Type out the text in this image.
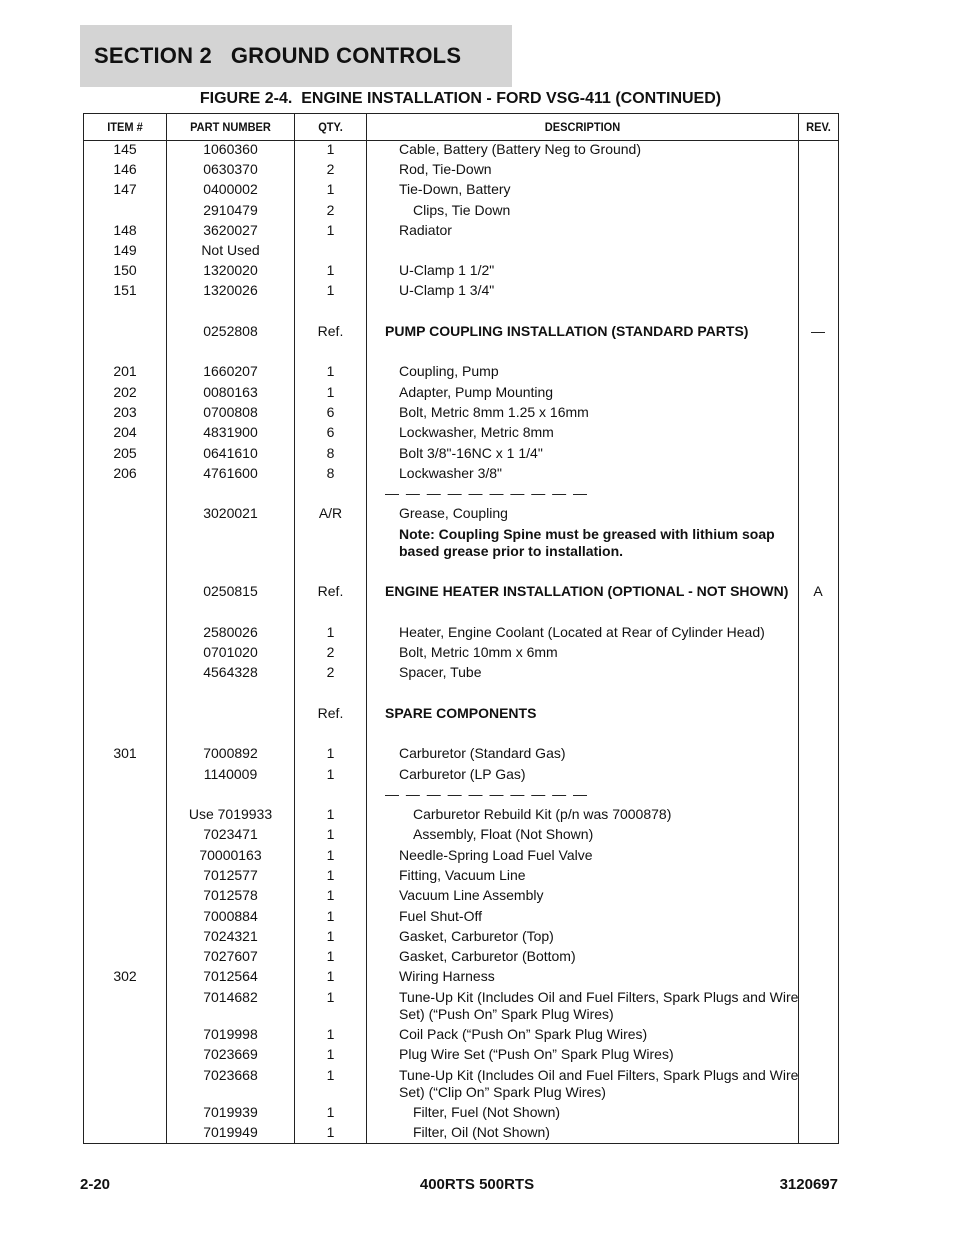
SECTION 2   GROUND CONTROLS
FIGURE 2-4.  ENGINE INSTALLATION - FORD VSG-411 (CONTINUED)
ITEM #	PART NUMBER	QTY.	DESCRIPTION	REV.
145	1060360	1	Cable, Battery (Battery Neg to Ground)
146	0630370	2	Rod, Tie-Down
147	0400002	1	Tie-Down, Battery
2910479	2	Clips, Tie Down
148	3620027	1	Radiator
149	Not Used
150	1320020	1	U-Clamp 1 1/2"
151	1320026	1	U-Clamp 1 3/4"
0252808	Ref.	PUMP COUPLING INSTALLATION (STANDARD PARTS)	—
201	1660207	1	Coupling, Pump
202	0080163	1	Adapter, Pump Mounting
203	0700808	6	Bolt, Metric 8mm 1.25 x 16mm
204	4831900	6	Lockwasher, Metric 8mm
205	0641610	8	Bolt 3/8"-16NC x 1 1/4"
206	4761600	8	Lockwasher 3/8"
— — — — — — — — — —
3020021	A/R	Grease, Coupling
Note: Coupling Spine must be greased with lithium soap based grease prior to installation.
0250815	Ref.	ENGINE HEATER INSTALLATION (OPTIONAL - NOT SHOWN)	A
2580026	1	Heater, Engine Coolant (Located at Rear of Cylinder Head)
0701020	2	Bolt, Metric 10mm x 6mm
4564328	2	Spacer, Tube
Ref.	SPARE COMPONENTS
301	7000892	1	Carburetor (Standard Gas)
1140009	1	Carburetor (LP Gas)
— — — — — — — — — —
Use 7019933	1	Carburetor Rebuild Kit (p/n was 7000878)
7023471	1	Assembly, Float (Not Shown)
70000163	1	Needle-Spring Load Fuel Valve
7012577	1	Fitting, Vacuum Line
7012578	1	Vacuum Line Assembly
7000884	1	Fuel Shut-Off
7024321	1	Gasket, Carburetor (Top)
7027607	1	Gasket, Carburetor (Bottom)
302	7012564	1	Wiring Harness
7014682	1	Tune-Up Kit (Includes Oil and Fuel Filters, Spark Plugs and Wire Set) (“Push On” Spark Plug Wires)
7019998	1	Coil Pack (“Push On” Spark Plug Wires)
7023669	1	Plug Wire Set (“Push On” Spark Plug Wires)
7023668	1	Tune-Up Kit (Includes Oil and Fuel Filters, Spark Plugs and Wire Set) (“Clip On” Spark Plug Wires)
7019939	1	Filter, Fuel (Not Shown)
7019949	1	Filter, Oil (Not Shown)
2-20	400RTS 500RTS	3120697
